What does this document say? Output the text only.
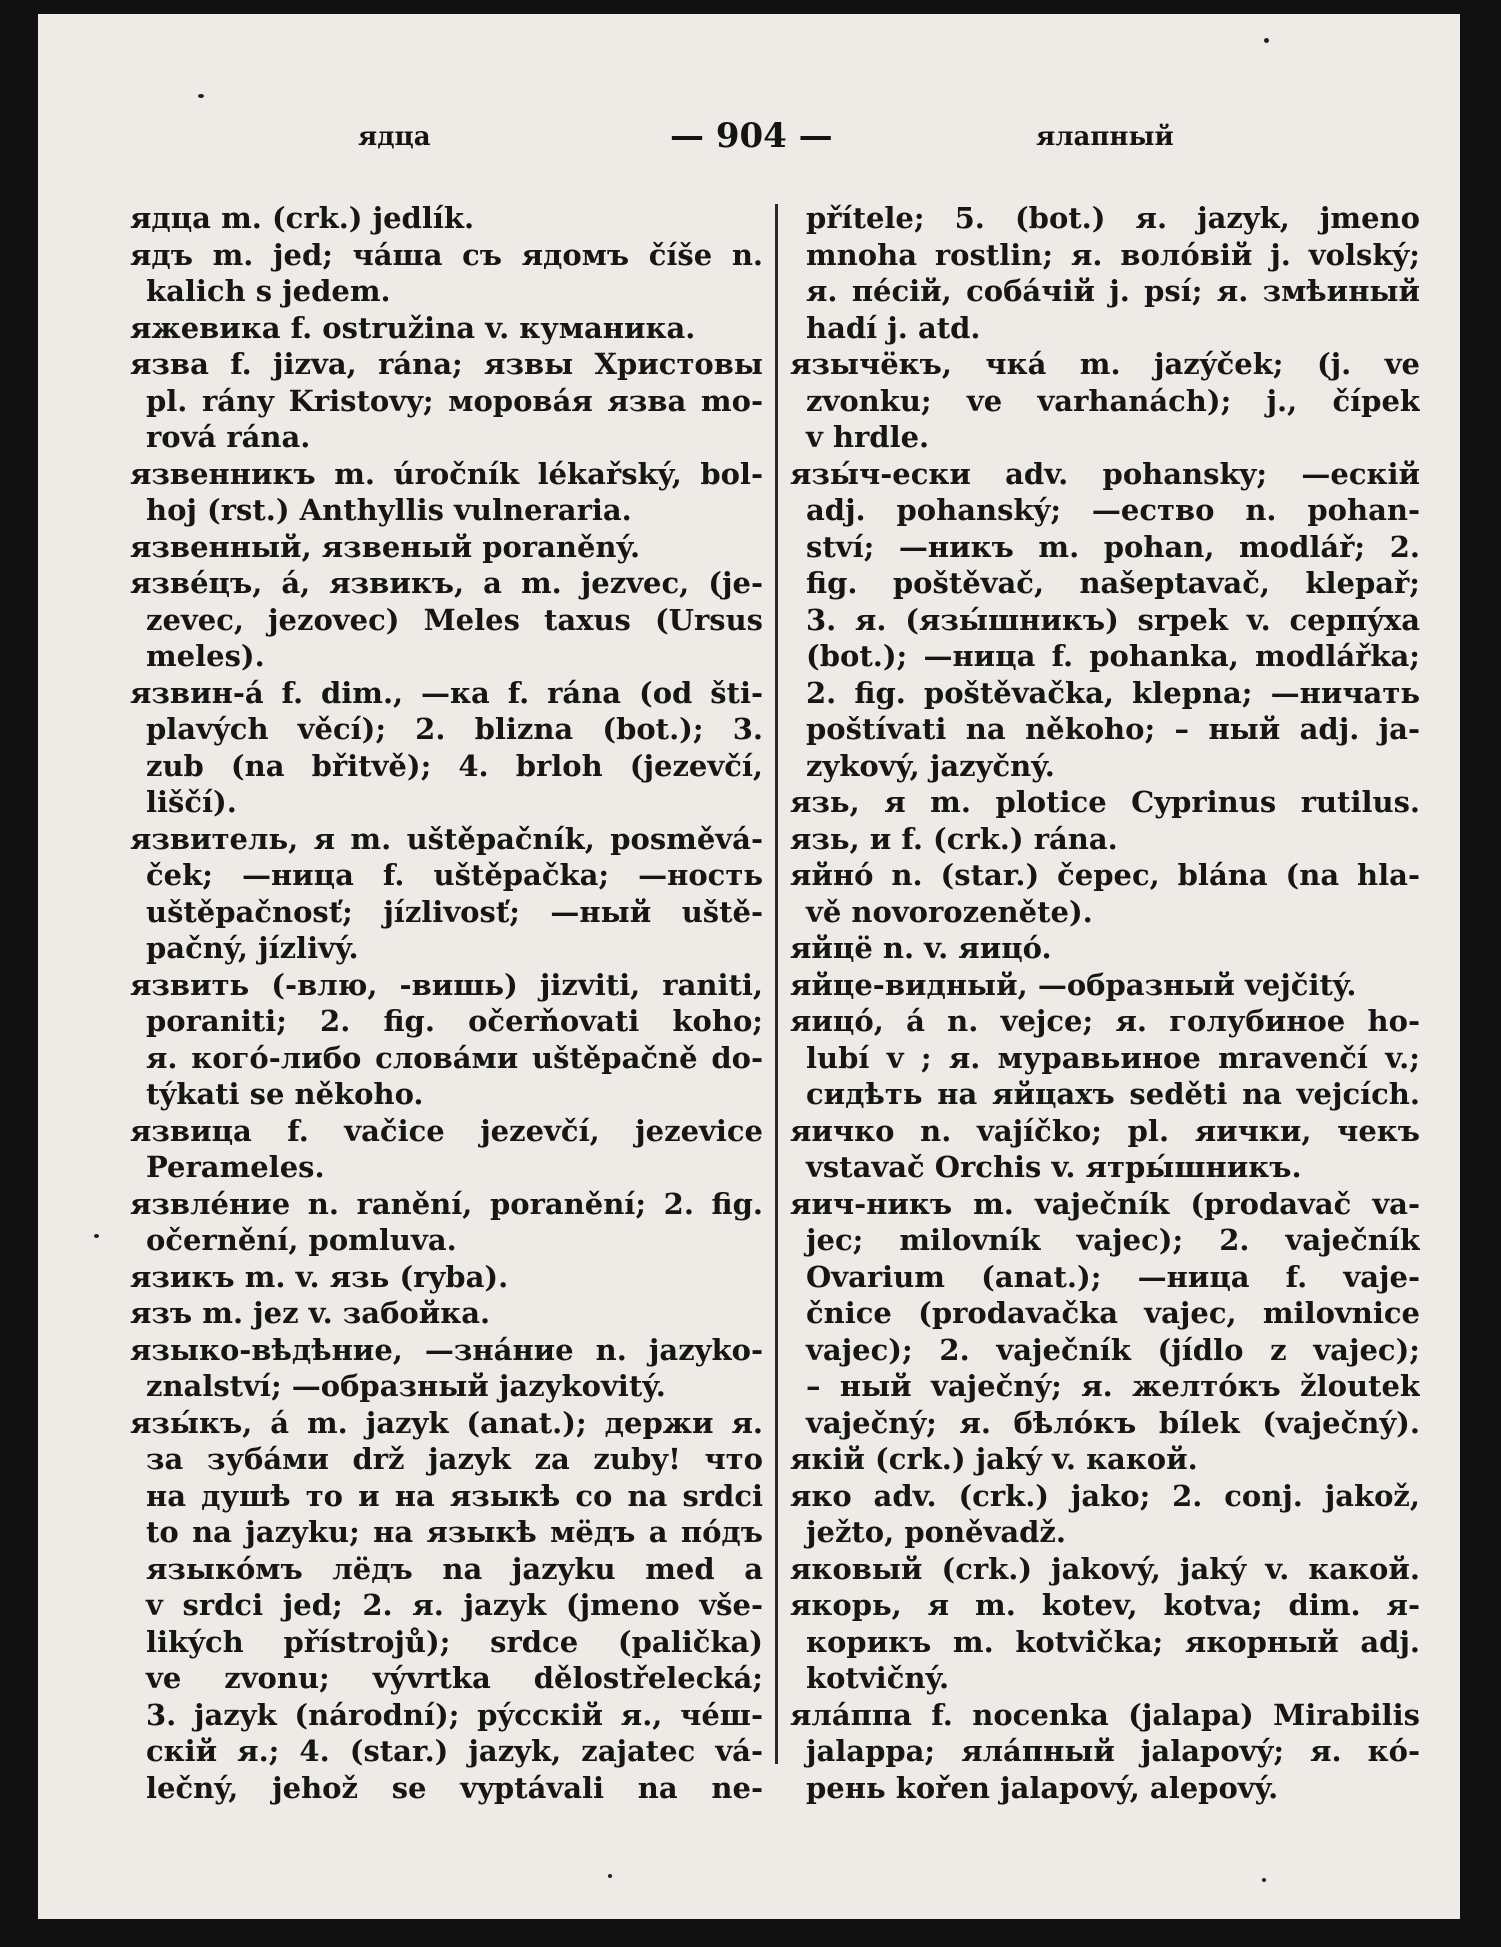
ядца	— 904 —	ялапный
ядца m. (crk.) jedlík.
ядъ m. jed; чáша съ ядомъ číše n.
kalich s jedem.
яжевика f. ostružina v. куманика.
язва f. jizva, rána; язвы Христовы
pl. rány Kristovy; моровáя язва mo-
rová rána.
язвенникъ m. úročník lékařský, bol-
hoj (rst.) Anthyllis vulneraria.
язвенный, язвеный poraněný.
язвéцъ, á, язвикъ, a m. jezvec, (je-
zevec, jezovec) Meles taxus (Ursus
meles).
язвин-á f. dim., —ка f. rána (od šti-
plavých věcí); 2. blizna (bot.); 3.
zub (na břitvě); 4. brloh (jezevčí,
liščí).
язвитель, я m. uštěpačník, posměvá-
ček; —ница f. uštěpačka; —ность
uštěpačnosť; jízlivosť; —ный uště-
pačný, jízlivý.
язвить (-влю, -вишь) jizviti, raniti,
poraniti; 2. fig. očerňovati koho;
я. когó-либо словáми uštěpačně do-
týkati se někoho.
язвица f. vačice jezevčí, jezevice
Perameles.
язвлéние n. ranění, poranění; 2. fig.
očernění, pomluva.
язикъ m. v. язь (ryba).
язъ m. jez v. забойка.
языко-вѣдѣние, —знáние n. jazyko-
znalství; —образный jazykovitý.
язы́къ, á m. jazyk (anat.); держи я.
за зубáми drž jazyk za zuby! что
на душѣ то и на языкѣ co na srdci
to na jazyku; на языкѣ мёдъ а пóдъ
языкóмъ лёдъ na jazyku med a
v srdci jed; 2. я. jazyk (jmeno vše-
likých přístrojů); srdce (palička)
ve zvonu; vývrtka dělostřelecká;
3. jazyk (národní); рýсскій я., чéш-
скій я.; 4. (star.) jazyk, zajatec vá-
lečný, jehož se vyptávali na ne-
přítele; 5. (bot.) я. jazyk, jmeno
mnoha rostlin; я. волóвій j. volský;
я. пéсій, собáчій j. psí; я. змѣиный
hadí j. atd.
язычёкъ, чкá m. jazýček; (j. ve
zvonku; ve varhanách); j., čípek
v hrdle.
язы́ч-ески adv. pohansky; —ескій
adj. pohanský; —ество n. pohan-
ství; —никъ m. pohan, modlář; 2.
fig. poštěvač, našeptavač, klepař;
3. я. (язы́шникъ) srpek v. серпýха
(bot.); —ница f. pohanka, modlářka;
2. fig. poštěvačka, klepna; —ничать
poštívati na někoho; – ный adj. ja-
zykový, jazyčný.
язь, я m. plotice Cyprinus rutilus.
язь, и f. (crk.) rána.
яйнó n. (star.) čepec, blána (na hla-
vě novorozeněte).
яйцё n. v. яицó.
яйце-видный, —образный vejčitý.
яицó, á n. vejce; я. голубиное ho-
lubí v ; я. муравьиное mravenčí v.;
сидѣть на яйцахъ seděti na vejcích.
яичко n. vajíčko; pl. яички, чекъ
vstavač Orchis v. ятры́шникъ.
яич-никъ m. vaječník (prodavač va-
jec; milovník vajec); 2. vaječník
Ovarium (anat.); —ница f. vaje-
čnice (prodavačka vajec, milovnice
vajec); 2. vaječník (jídlo z vajec);
– ный vaječný; я. желтóкъ žloutek
vaječný; я. бѣлóкъ bílek (vaječný).
якій (crk.) jaký v. какой.
яко adv. (crk.) jako; 2. conj. jakož,
ježto, poněvadž.
яковый (crk.) jakový, jaký v. какой.
якорь, я m. kotev, kotva; dim. я-
корикъ m. kotvička; якорный adj.
kotvičný.
ялáппа f. nocenka (jalapa) Mirabilis
jalappa; ялáпный jalapový; я. кó-
рень kořen jalapový, alepový.
